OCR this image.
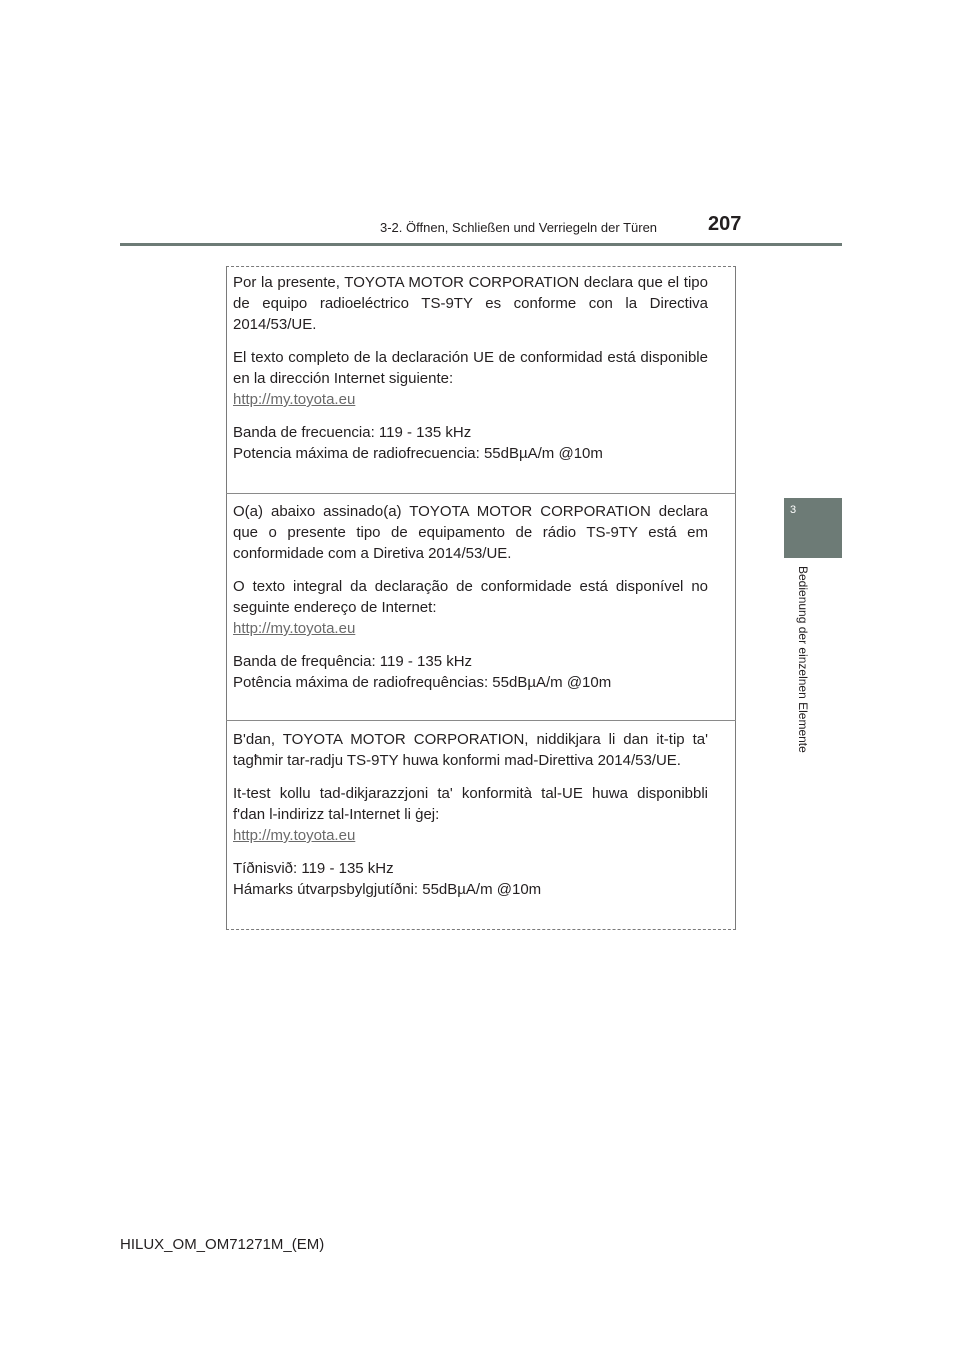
3-2. Öffnen, Schließen und Verriegeln der Türen	207
3
Bedienung der einzelnen Elemente

Por la presente, TOYOTA MOTOR CORPORATION declara que el tipo de equipo radioeléctrico TS-9TY es conforme con la Directiva 2014/53/UE.

El texto completo de la declaración UE de conformidad está disponible en la dirección Internet siguiente:

http://my.toyota.eu

Banda de frecuencia: 119 - 135 kHz

Potencia máxima de radiofrecuencia: 55dBµA/m @10m

O(a) abaixo assinado(a) TOYOTA MOTOR CORPORATION declara que o presente tipo de equipamento de rádio TS-9TY está em conformidade com a Diretiva 2014/53/UE.

O texto integral da declaração de conformidade está disponível no seguinte endereço de Internet:

http://my.toyota.eu

Banda de frequência: 119 - 135 kHz

Potência máxima de radiofrequências: 55dBµA/m @10m

B'dan, TOYOTA MOTOR CORPORATION, niddikjara li dan it-tip ta' tagħmir tar-radju TS-9TY huwa konformi mad-Direttiva 2014/53/UE.

It-test kollu tad-dikjarazzjoni ta' konformità tal-UE huwa disponibbli f'dan l-indirizz tal-Internet li ġej:

http://my.toyota.eu

Tíðnisvið: 119 - 135 kHz

Hámarks útvarpsbylgjutíðni: 55dBµA/m @10m

HILUX_OM_OM71271M_(EM)
